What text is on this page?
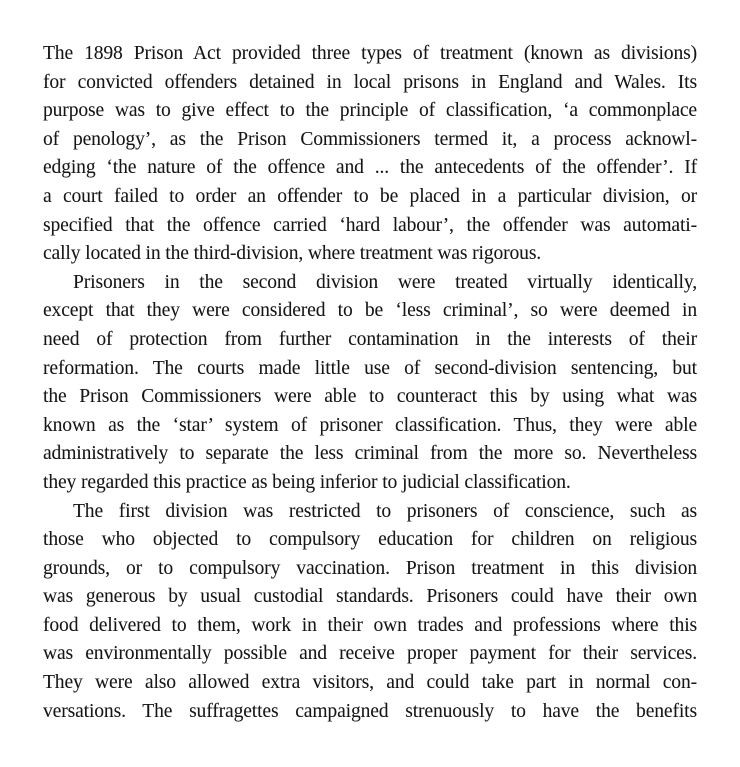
The 1898 Prison Act provided three types of treatment (known as divisions)
for convicted offenders detained in local prisons in England and Wales. Its
purpose was to give effect to the principle of classification, ‘a commonplace
of penology’, as the Prison Commissioners termed it, a process acknowl-
edging ‘the nature of the offence and ... the antecedents of the offender’. If
a court failed to order an offender to be placed in a particular division, or
specified that the offence carried ‘hard labour’, the offender was automati-
cally located in the third-division, where treatment was rigorous.
Prisoners in the second division were treated virtually identically,
except that they were considered to be ‘less criminal’, so were deemed in
need of protection from further contamination in the interests of their
reformation. The courts made little use of second-division sentencing, but
the Prison Commissioners were able to counteract this by using what was
known as the ‘star’ system of prisoner classification. Thus, they were able
administratively to separate the less criminal from the more so. Nevertheless
they regarded this practice as being inferior to judicial classification.
The first division was restricted to prisoners of conscience, such as
those who objected to compulsory education for children on religious
grounds, or to compulsory vaccination. Prison treatment in this division
was generous by usual custodial standards. Prisoners could have their own
food delivered to them, work in their own trades and professions where this
was environmentally possible and receive proper payment for their services.
They were also allowed extra visitors, and could take part in normal con-
versations. The suffragettes campaigned strenuously to have the benefits
